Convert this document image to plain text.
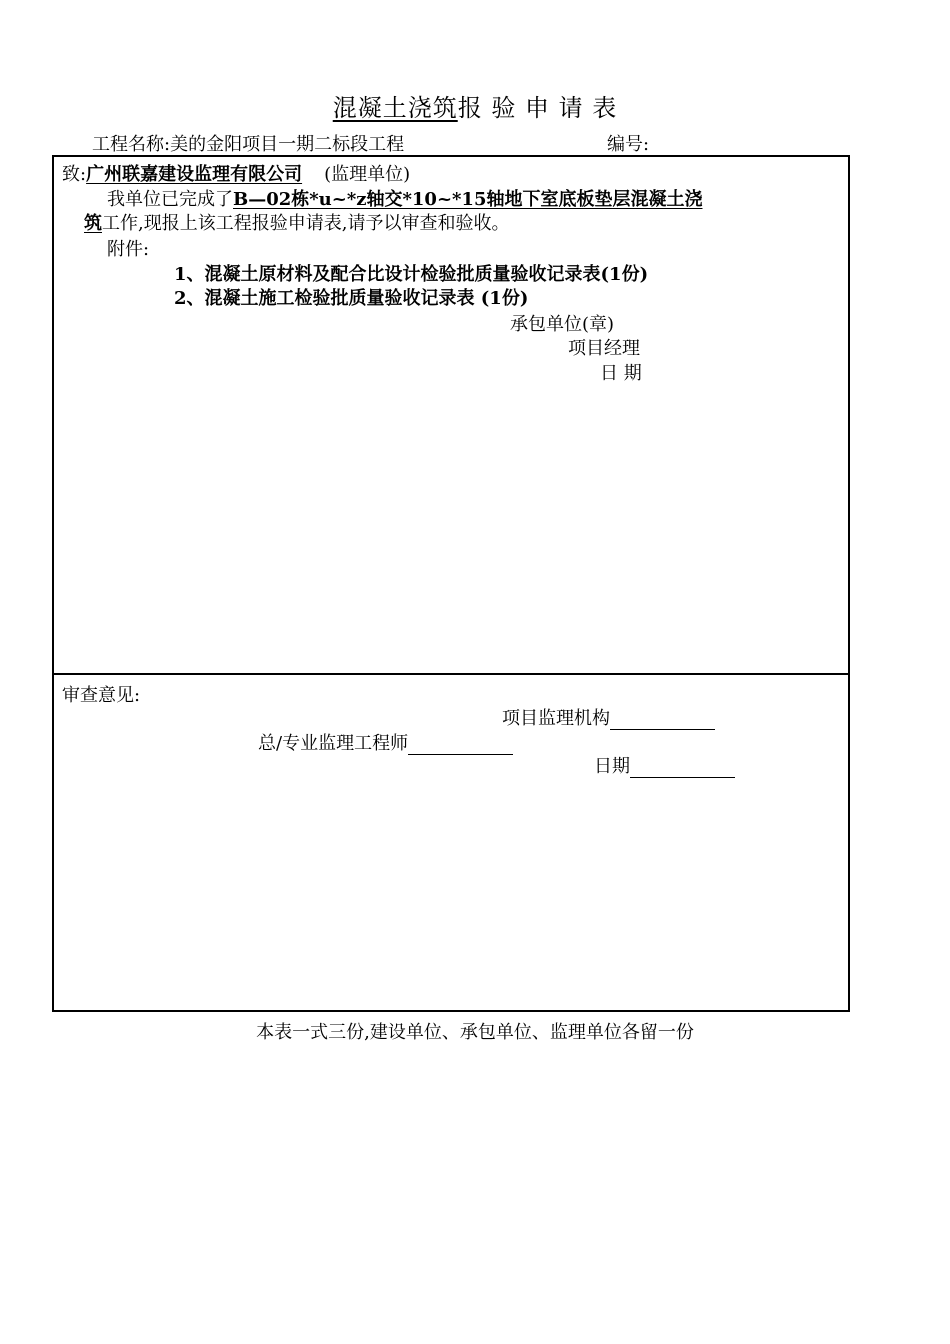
混凝土浇筑报 验 申 请 表
工程名称:美的金阳项目一期二标段工程	编号:
致:广州联嘉建设监理有限公司 (监理单位)
我单位已完成了B—02栋*u~*z轴交*10~*15轴地下室底板垫层混凝土浇
筑工作,现报上该工程报验申请表,请予以审查和验收。
附件:
1、混凝土原材料及配合比设计检验批质量验收记录表(1份)
2、混凝土施工检验批质量验收记录表 (1份)
承包单位(章)
项目经理
日 期
审查意见:
项目监理机构
总/专业监理工程师
日期
本表一式三份,建设单位、承包单位、监理单位各留一份
